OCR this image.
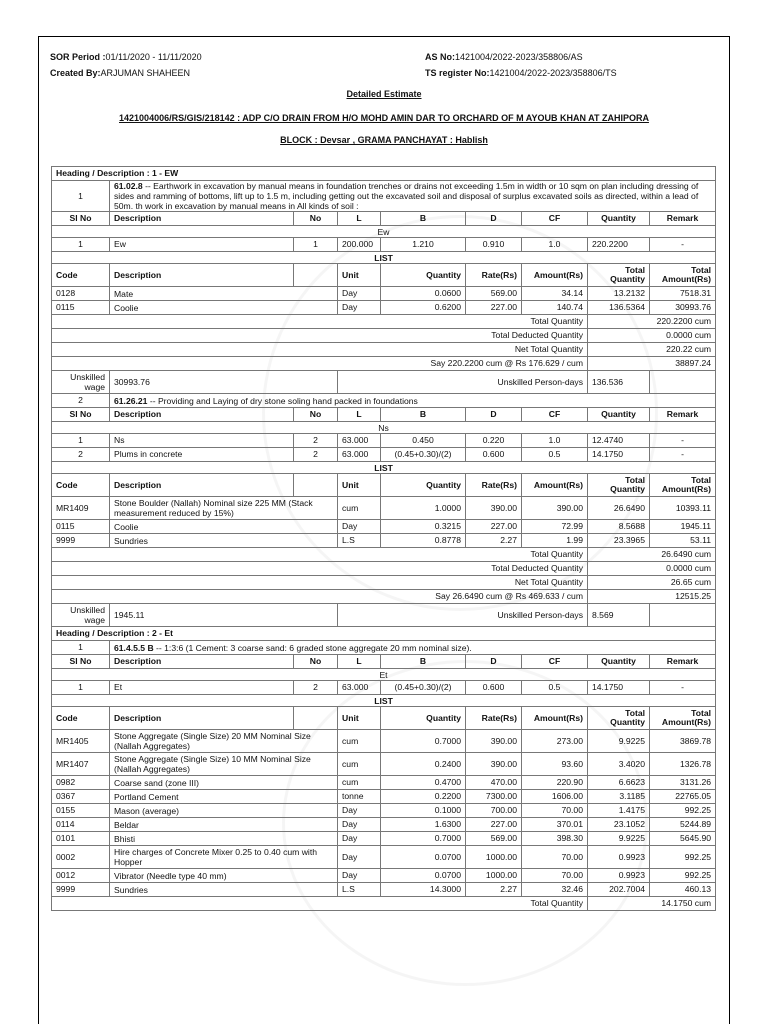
SOR Period :01/11/2020 - 11/11/2020
Created By:ARJUMAN SHAHEEN
AS No:1421004/2022-2023/358806/AS
TS register No:1421004/2022-2023/358806/TS
Detailed Estimate
1421004006/RS/GIS/218142 : ADP C/O DRAIN FROM H/O MOHD AMIN DAR TO ORCHARD OF M AYOUB KHAN AT ZAHIPORA
BLOCK : Devsar , GRAMA PANCHAYAT : Hablish
Heading / Description : 1 - EW								
1	61.02.8 -- Earthwork in excavation by manual means in foundation trenches or drains not exceeding 1.5m in width or 10 sqm on plan including dressing of sides and ramming of bottoms, lift up to 1.5 m, including getting out the excavated soil and disposal of surplus excavated soils as directed, within a lead of 50m. th work in excavation by manual means in All kinds of soil :							
Sl No	Description	No	L	B	D	CF	Quantity	Remark
Ew								
1	Ew	1	200.000	1.210	0.910	1.0	220.2200	-
LIST								
Code	Description		Unit	Quantity	Rate(Rs)	Amount(Rs)	Total Quantity	Total Amount(Rs)
0128	Mate		Day	0.0600	569.00	34.14	13.2132	7518.31
0115	Coolie		Day	0.6200	227.00	140.74	136.5364	30993.76
Total Quantity							220.2200 cum	
Total Deducted Quantity							0.0000 cum	
Net Total Quantity							220.22 cum	
Say 220.2200 cum @ Rs 176.629 / cum							38897.24	
Unskilled wage	30993.76		Unskilled Person-days				136.536	
2	61.26.21 -- Providing and Laying of dry stone soling hand packed in foundations							
Sl No	Description	No	L	B	D	CF	Quantity	Remark
Ns								
1	Ns	2	63.000	0.450	0.220	1.0	12.4740	-
2	Plums in concrete	2	63.000	(0.45+0.30)/(2)	0.600	0.5	14.1750	-
LIST								
Code	Description		Unit	Quantity	Rate(Rs)	Amount(Rs)	Total Quantity	Total Amount(Rs)
MR1409	Stone Boulder (Nallah) Nominal size 225 MM (Stack measurement reduced by 15%)		cum	1.0000	390.00	390.00	26.6490	10393.11
0115	Coolie		Day	0.3215	227.00	72.99	8.5688	1945.11
9999	Sundries		L.S	0.8778	2.27	1.99	23.3965	53.11
Total Quantity							26.6490 cum	
Total Deducted Quantity							0.0000 cum	
Net Total Quantity							26.65 cum	
Say 26.6490 cum @ Rs 469.633 / cum							12515.25	
Unskilled wage	1945.11		Unskilled Person-days				8.569	
Heading / Description : 2 - Et								
1	61.4.5.5 B -- 1:3:6 (1 Cement: 3 coarse sand: 6 graded stone aggregate 20 mm nominal size).							
Sl No	Description	No	L	B	D	CF	Quantity	Remark
Et								
1	Et	2	63.000	(0.45+0.30)/(2)	0.600	0.5	14.1750	-
LIST								
Code	Description		Unit	Quantity	Rate(Rs)	Amount(Rs)	Total Quantity	Total Amount(Rs)
MR1405	Stone Aggregate (Single Size) 20 MM Nominal Size (Nallah Aggregates)		cum	0.7000	390.00	273.00	9.9225	3869.78
MR1407	Stone Aggregate (Single Size) 10 MM Nominal Size (Nallah Aggregates)		cum	0.2400	390.00	93.60	3.4020	1326.78
0982	Coarse sand (zone III)		cum	0.4700	470.00	220.90	6.6623	3131.26
0367	Portland Cement		tonne	0.2200	7300.00	1606.00	3.1185	22765.05
0155	Mason (average)		Day	0.1000	700.00	70.00	1.4175	992.25
0114	Beldar		Day	1.6300	227.00	370.01	23.1052	5244.89
0101	Bhisti		Day	0.7000	569.00	398.30	9.9225	5645.90
0002	Hire charges of Concrete Mixer 0.25 to 0.40 cum with Hopper		Day	0.0700	1000.00	70.00	0.9923	992.25
0012	Vibrator (Needle type 40 mm)		Day	0.0700	1000.00	70.00	0.9923	992.25
9999	Sundries		L.S	14.3000	2.27	32.46	202.7004	460.13
Total Quantity							14.1750 cum	
